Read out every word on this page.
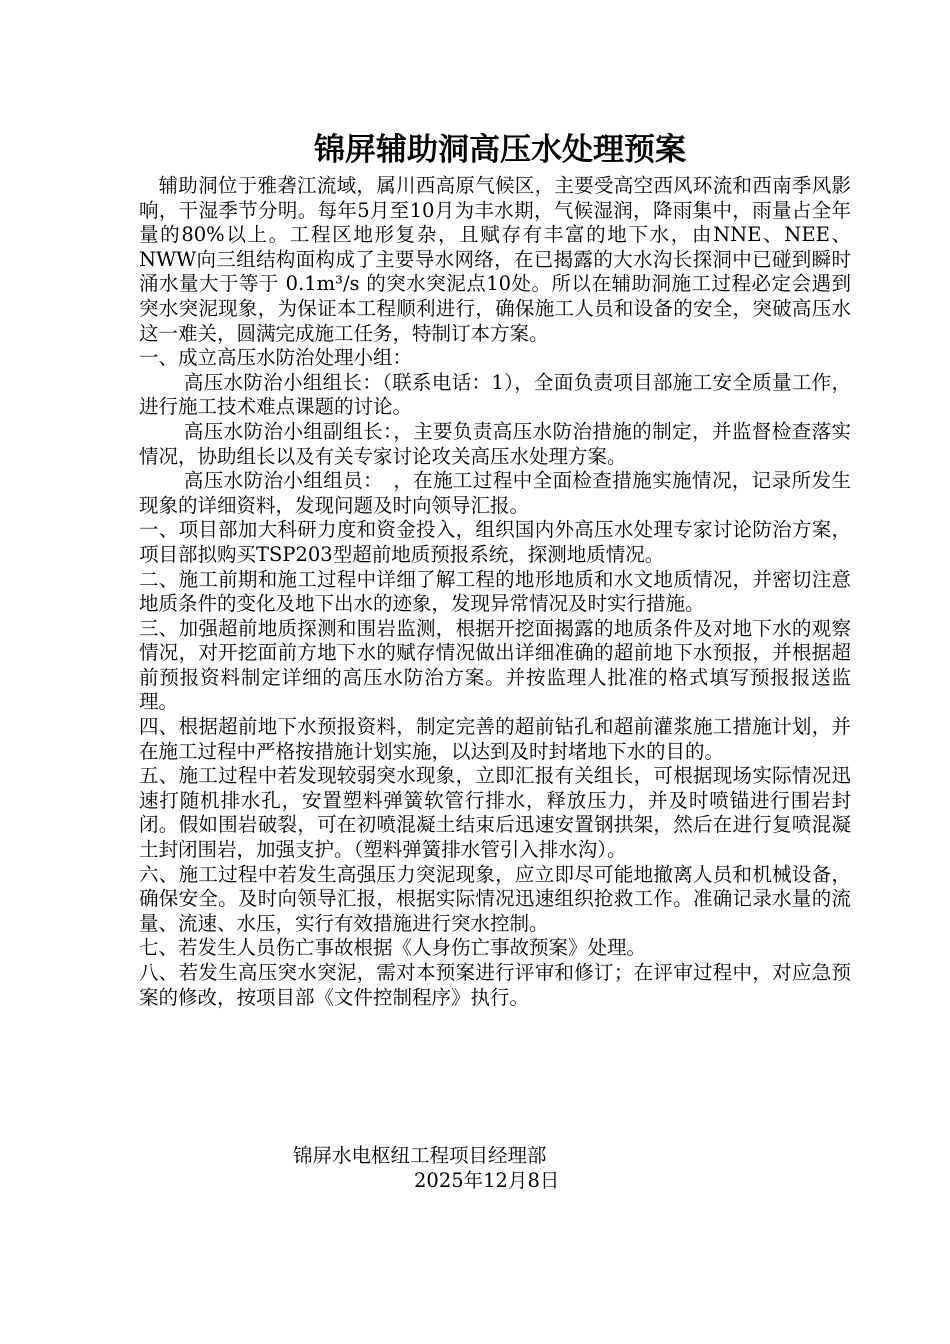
锦屏辅助洞高压水处理预案

辅助洞位于雅砻江流域，属川西高原气候区，主要受高空西风环流和西南季风影响，干湿季节分明。每年5月至10月为丰水期，气候湿润，降雨集中，雨量占全年量的80%以上。工程区地形复杂，且赋存有丰富的地下水，由NNE、NEE、NWW向三组结构面构成了主要导水网络，在已揭露的大水沟长探洞中已碰到瞬时涌水量大于等于 0.1m³/s 的突水突泥点10处。所以在辅助洞施工过程必定会遇到突水突泥现象，为保证本工程顺利进行，确保施工人员和设备的安全，突破高压水这一难关，圆满完成施工任务，特制订本方案。

一、成立高压水防治处理小组：

高压水防治小组组长：（联系电话：1），全面负责项目部施工安全质量工作，进行施工技术难点课题的讨论。

高压水防治小组副组长：，主要负责高压水防治措施的制定，并监督检查落实情况，协助组长以及有关专家讨论攻关高压水处理方案。

高压水防治小组组员：　，在施工过程中全面检查措施实施情况，记录所发生现象的详细资料，发现问题及时向领导汇报。

一、项目部加大科研力度和资金投入，组织国内外高压水处理专家讨论防治方案，项目部拟购买TSP203型超前地质预报系统，探测地质情况。

二、施工前期和施工过程中详细了解工程的地形地质和水文地质情况，并密切注意地质条件的变化及地下出水的迹象，发现异常情况及时实行措施。

三、加强超前地质探测和围岩监测，根据开挖面揭露的地质条件及对地下水的观察情况，对开挖面前方地下水的赋存情况做出详细准确的超前地下水预报，并根据超前预报资料制定详细的高压水防治方案。并按监理人批准的格式填写预报报送监理。

四、根据超前地下水预报资料，制定完善的超前钻孔和超前灌浆施工措施计划，并在施工过程中严格按措施计划实施，以达到及时封堵地下水的目的。

五、施工过程中若发现较弱突水现象，立即汇报有关组长，可根据现场实际情况迅速打随机排水孔，安置塑料弹簧软管行排水，释放压力，并及时喷锚进行围岩封闭。假如围岩破裂，可在初喷混凝土结束后迅速安置钢拱架，然后在进行复喷混凝土封闭围岩，加强支护。（塑料弹簧排水管引入排水沟）。

六、施工过程中若发生高强压力突泥现象，应立即尽可能地撤离人员和机械设备，确保安全。及时向领导汇报，根据实际情况迅速组织抢救工作。准确记录水量的流量、流速、水压，实行有效措施进行突水控制。

七、若发生人员伤亡事故根据《人身伤亡事故预案》处理。

八、若发生高压突水突泥，需对本预案进行评审和修订；在评审过程中，对应急预案的修改，按项目部《文件控制程序》执行。

锦屏水电枢纽工程项目经理部
2025年12月8日
